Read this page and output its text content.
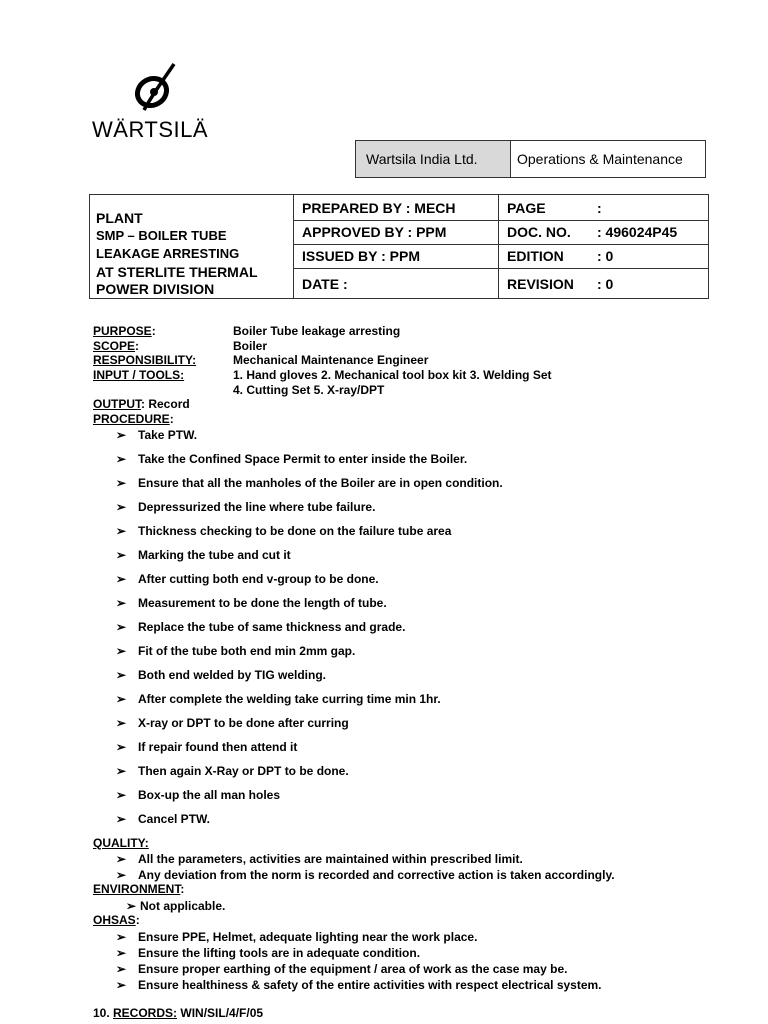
WÄRTSILÄ
Wartsila India Ltd.	Operations & Maintenance
PLANT
SMP – BOILER TUBE
LEAKAGE ARRESTING
AT STERLITE THERMAL
POWER DIVISION
PREPARED BY : MECH	PAGE	:
APPROVED BY : PPM	DOC. NO.	: 496024P45
ISSUED BY : PPM	EDITION	: 0
DATE :	REVISION	: 0
PURPOSE:	Boiler Tube leakage arresting
SCOPE:	Boiler
RESPONSIBILITY:	Mechanical Maintenance Engineer
INPUT / TOOLS:	1. Hand gloves 2. Mechanical tool box kit 3. Welding Set
4. Cutting Set 5. X-ray/DPT
OUTPUT: Record
PROCEDURE:
➢ Take PTW.
➢ Take the Confined Space Permit to enter inside the Boiler.
➢ Ensure that all the manholes of the Boiler are in open condition.
➢ Depressurized the line where tube failure.
➢ Thickness checking to be done on the failure tube area
➢ Marking the tube and cut it
➢ After cutting both end v-group to be done.
➢ Measurement to be done the length of tube.
➢ Replace the tube of same thickness and grade.
➢ Fit of the tube both end min 2mm gap.
➢ Both end welded by TIG welding.
➢ After complete the welding take curring time min 1hr.
➢ X-ray or DPT to be done after curring
➢ If repair found then attend it
➢ Then again X-Ray or DPT to be done.
➢ Box-up the all man holes
➢ Cancel PTW.
QUALITY:
➢ All the parameters, activities are maintained within prescribed limit.
➢ Any deviation from the norm is recorded and corrective action is taken accordingly.
ENVIRONMENT:
➢ Not applicable.
OHSAS:
➢ Ensure PPE, Helmet, adequate lighting near the work place.
➢ Ensure the lifting tools are in adequate condition.
➢ Ensure proper earthing of the equipment / area of work as the case may be.
➢ Ensure healthiness & safety of the entire activities with respect electrical system.
10. RECORDS: WIN/SIL/4/F/05
